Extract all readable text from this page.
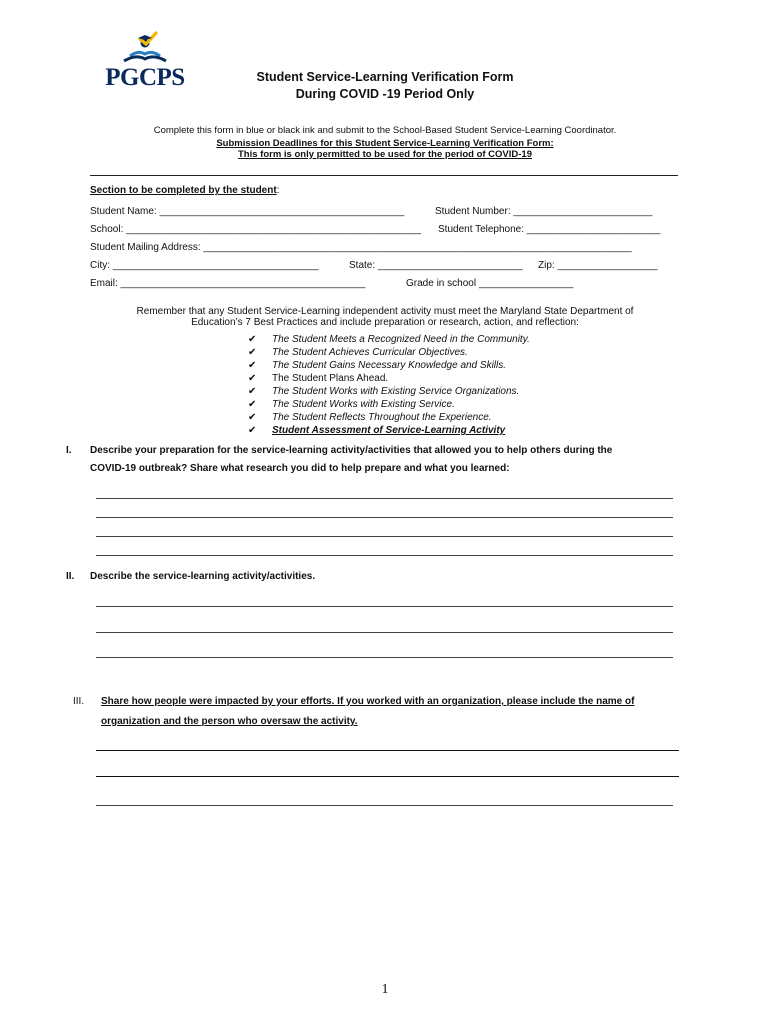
PGCPS	Student Service-Learning Verification Form
During COVID -19 Period Only
Complete this form in blue or black ink and submit to the School-Based Student Service-Learning Coordinator.
Submission Deadlines for this Student Service-Learning Verification Form:
This form is only permitted to be used for the period of COVID-19
Section to be completed by the student:
Student Name: ____________________________________________	Student Number: _________________________
School: _____________________________________________________ Student Telephone: ________________________
Student Mailing Address: _____________________________________________________________________________
City: _____________________________________	State: __________________________ Zip: __________________
Email: ____________________________________________	Grade in school _________________
Remember that any Student Service-Learning independent activity must meet the Maryland State Department of
Education’s 7 Best Practices and include preparation or research, action, and reflection:
✔ The Student Meets a Recognized Need in the Community.
✔ The Student Achieves Curricular Objectives.
✔ The Student Gains Necessary Knowledge and Skills.
✔ The Student Plans Ahead.
✔ The Student Works with Existing Service Organizations.
✔ The Student Works with Existing Service.
✔ The Student Reflects Throughout the Experience.
✔ Student Assessment of Service-Learning Activity
I. Describe your preparation for the service-learning activity/activities that allowed you to help others during the
COVID-19 outbreak? Share what research you did to help prepare and what you learned:
II. Describe the service-learning activity/activities.
III. Share how people were impacted by your efforts. If you worked with an organization, please include the name of
organization and the person who oversaw the activity.
1
